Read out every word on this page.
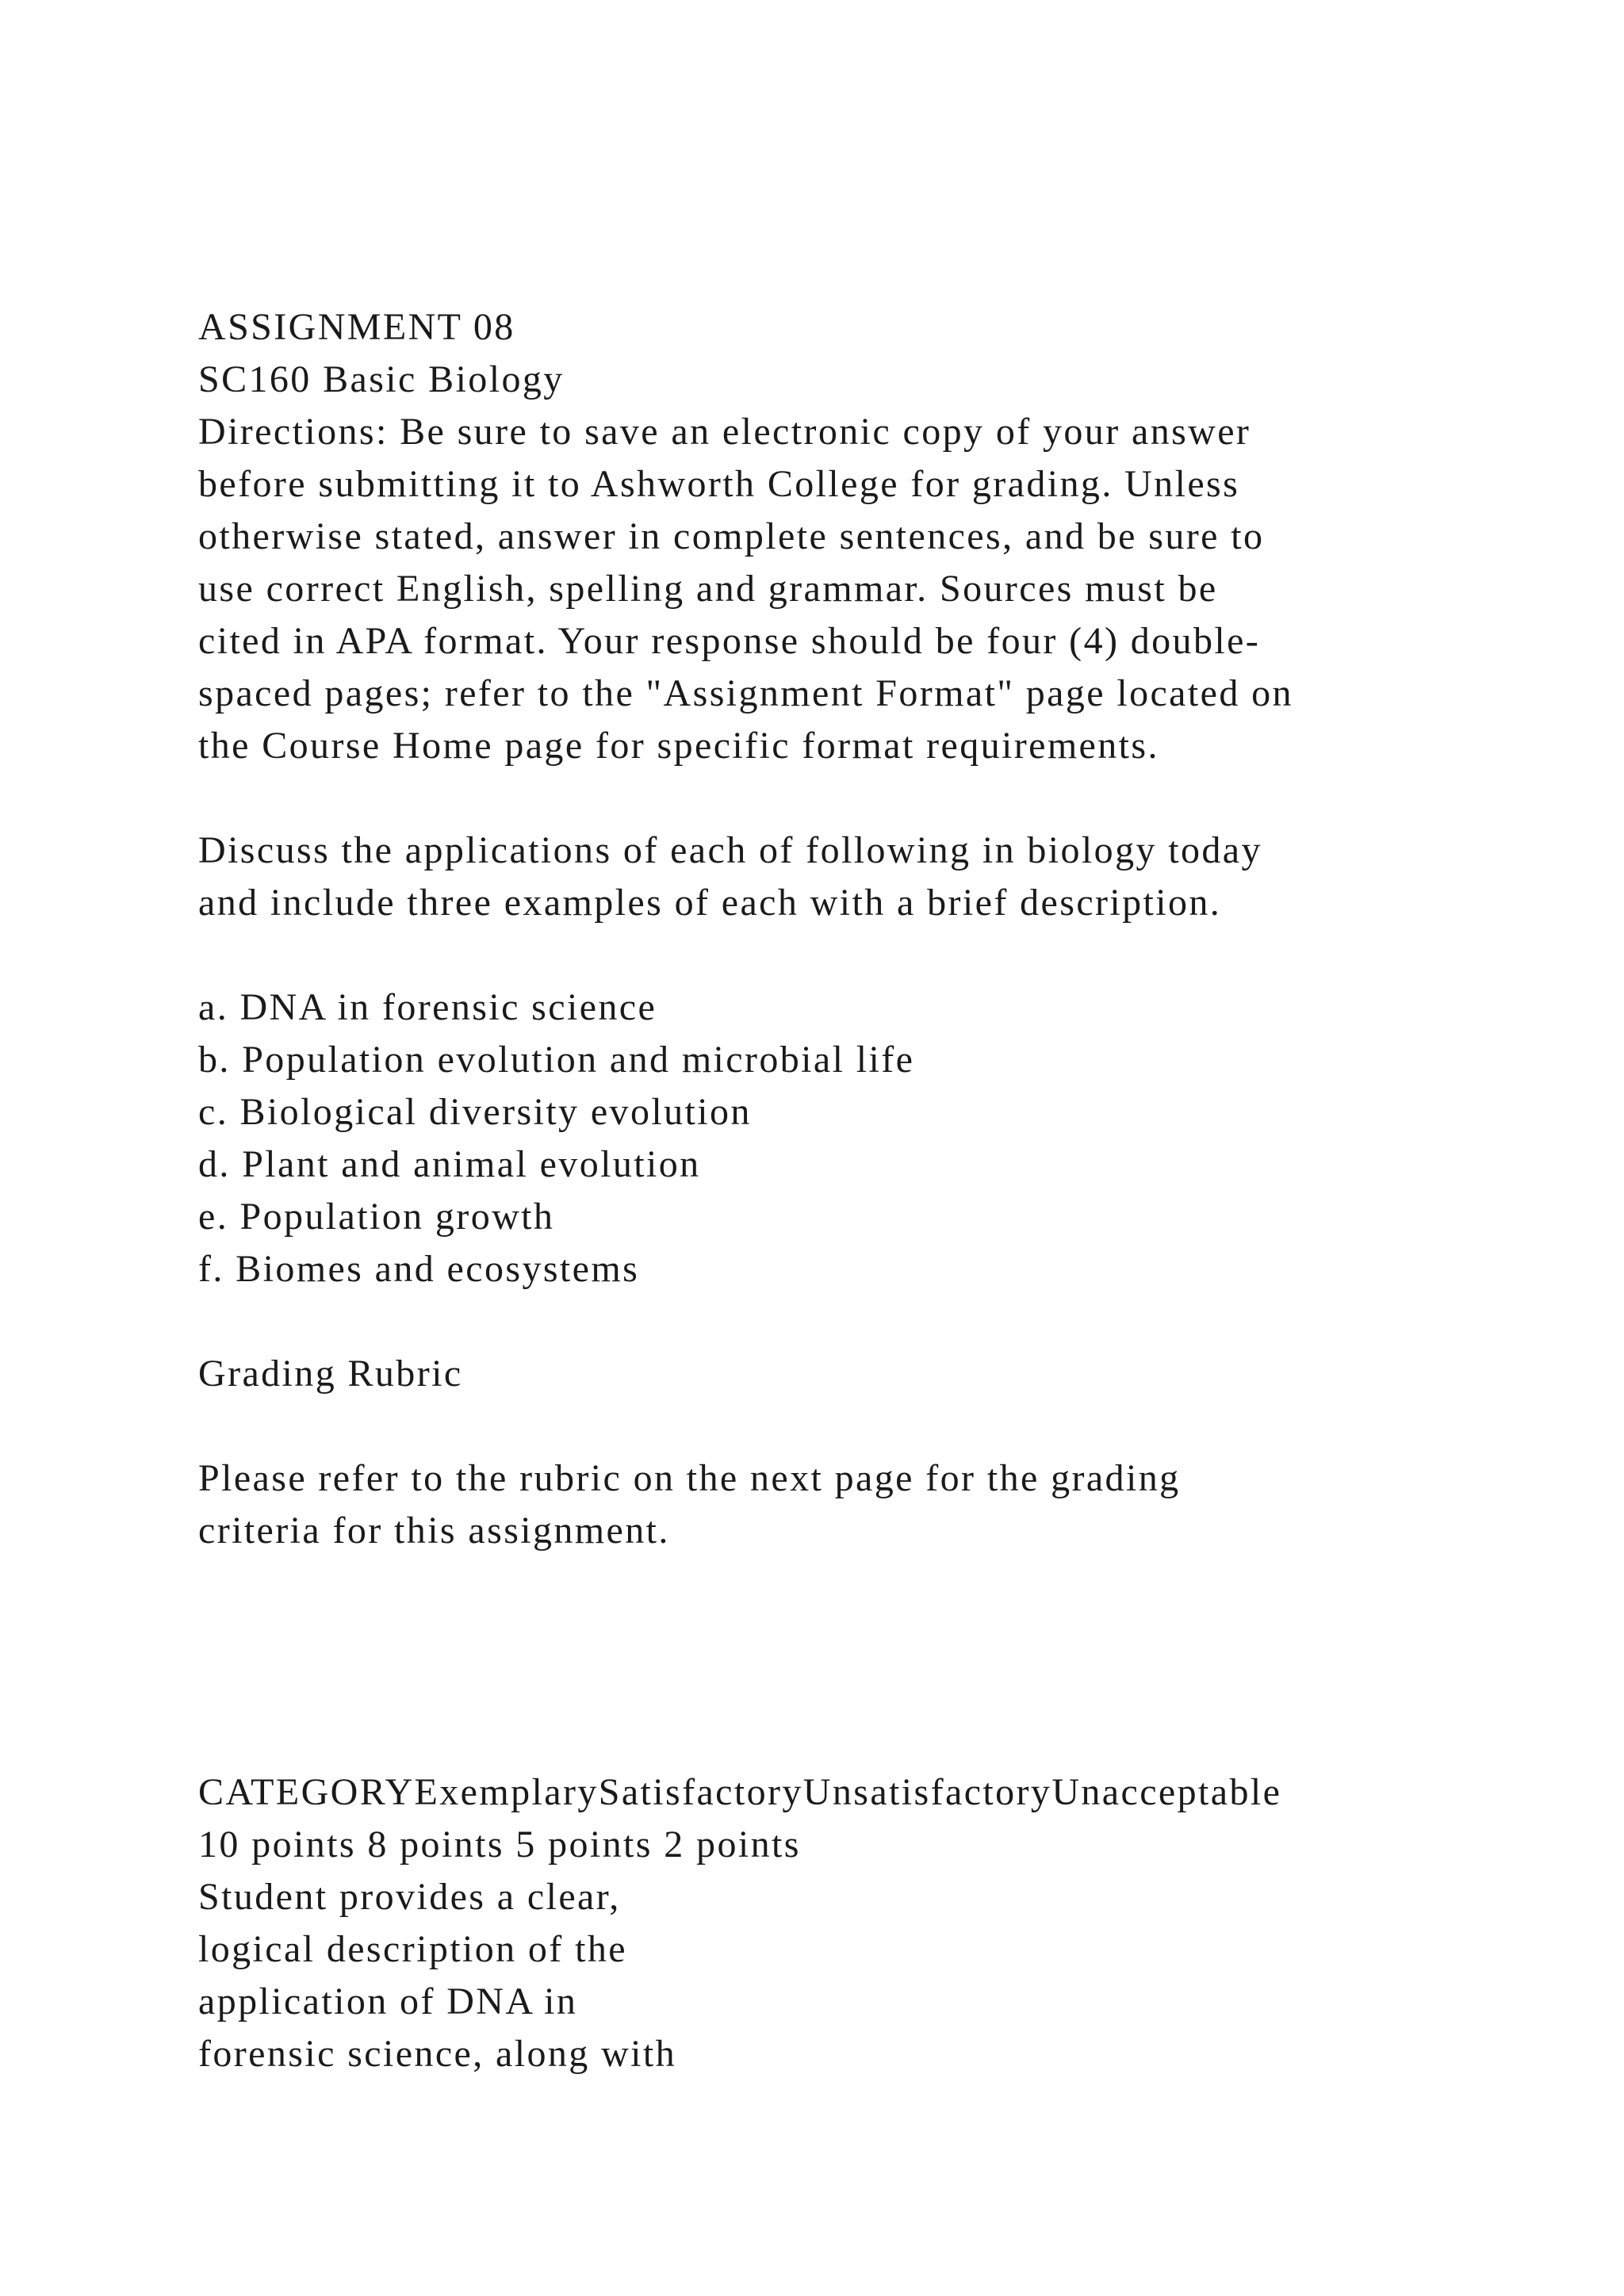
ASSIGNMENT 08
SC160 Basic Biology
Directions: Be sure to save an electronic copy of your answer
before submitting it to Ashworth College for grading. Unless
otherwise stated, answer in complete sentences, and be sure to
use correct English, spelling and grammar. Sources must be
cited in APA format. Your response should be four (4) double-
spaced pages; refer to the "Assignment Format" page located on
the Course Home page for specific format requirements.
Discuss the applications of each of following in biology today
and include three examples of each with a brief description.
a. DNA in forensic science
b. Population evolution and microbial life
c. Biological diversity evolution
d. Plant and animal evolution
e. Population growth
f. Biomes and ecosystems
Grading Rubric
Please refer to the rubric on the next page for the grading
criteria for this assignment.
CATEGORYExemplarySatisfactoryUnsatisfactoryUnacceptable
10 points 8 points 5 points 2 points
Student provides a clear,
logical description of the
application of DNA in
forensic science, along with
